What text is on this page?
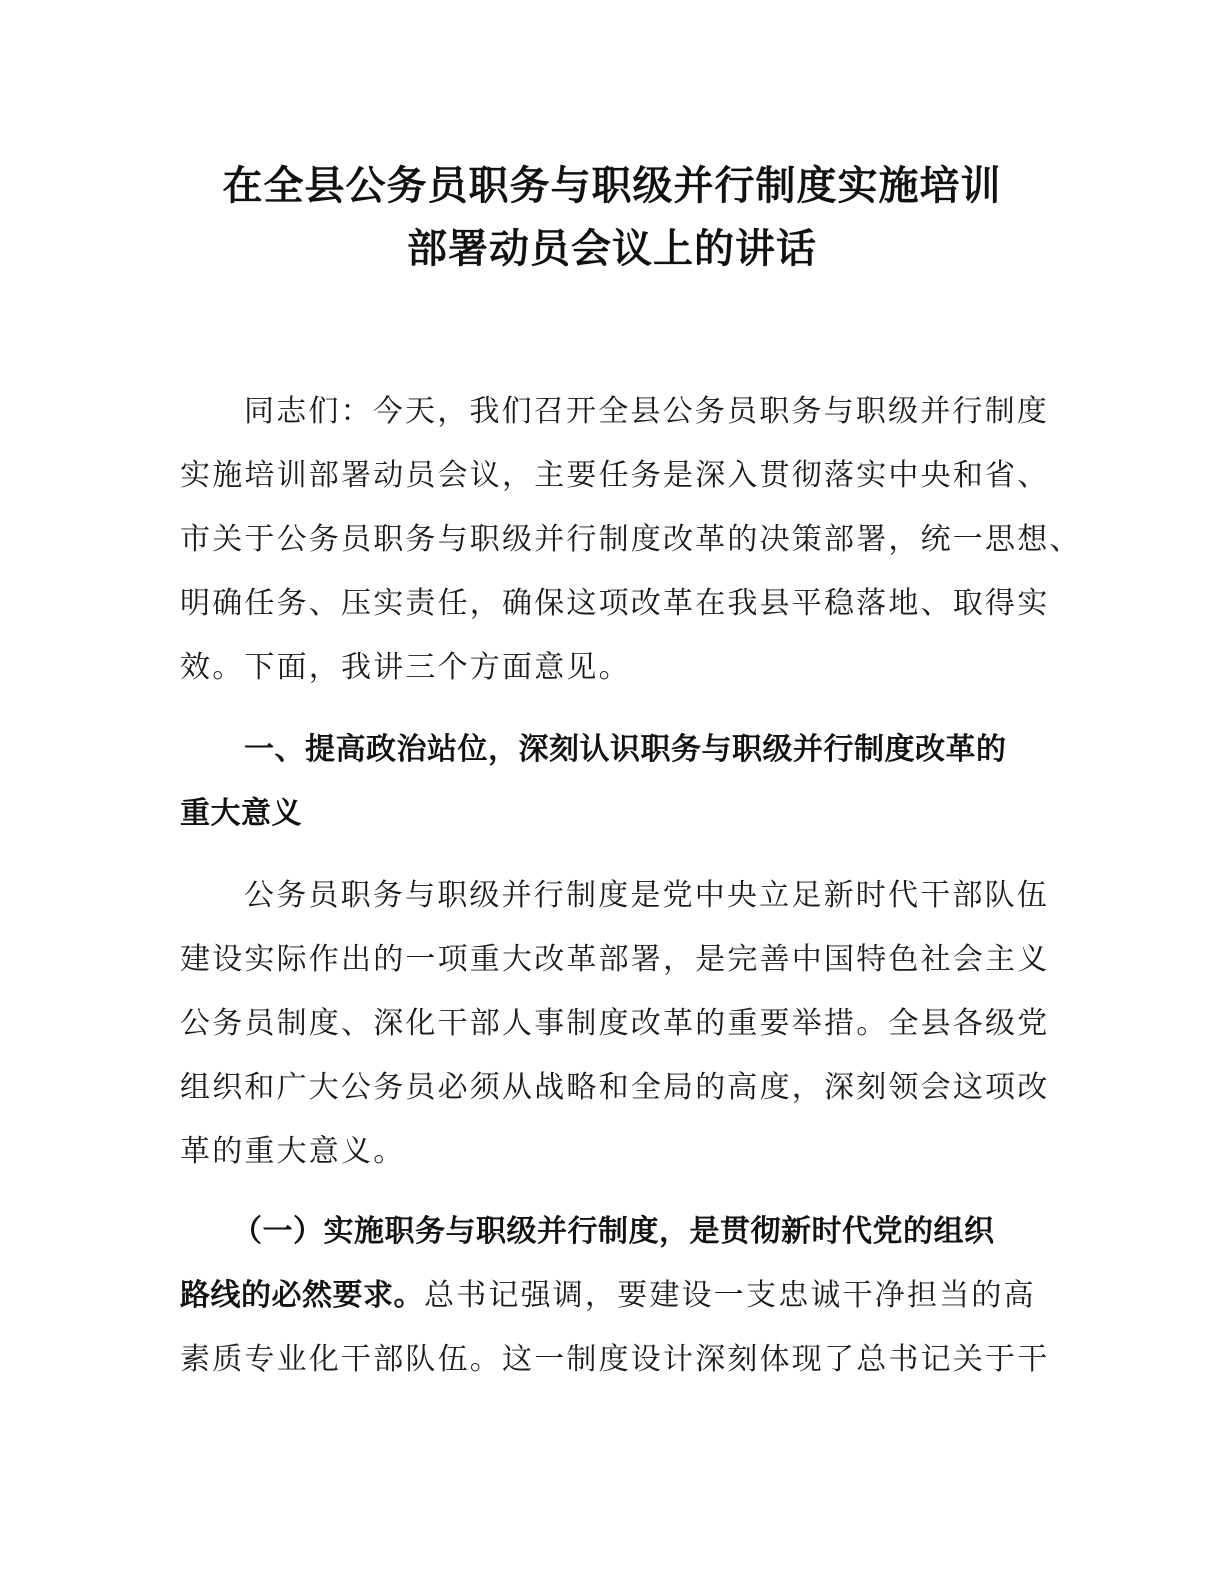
在全县公务员职务与职级并行制度实施培训
部署动员会议上的讲话
同志们：今天，我们召开全县公务员职务与职级并行制度
实施培训部署动员会议，主要任务是深入贯彻落实中央和省、
市关于公务员职务与职级并行制度改革的决策部署，统一思想、
明确任务、压实责任，确保这项改革在我县平稳落地、取得实
效。下面，我讲三个方面意见。
一、提高政治站位，深刻认识职务与职级并行制度改革的
重大意义
公务员职务与职级并行制度是党中央立足新时代干部队伍
建设实际作出的一项重大改革部署，是完善中国特色社会主义
公务员制度、深化干部人事制度改革的重要举措。全县各级党
组织和广大公务员必须从战略和全局的高度，深刻领会这项改
革的重大意义。
（一）实施职务与职级并行制度，是贯彻新时代党的组织
路线的必然要求。总书记强调，要建设一支忠诚干净担当的高
素质专业化干部队伍。这一制度设计深刻体现了总书记关于干
